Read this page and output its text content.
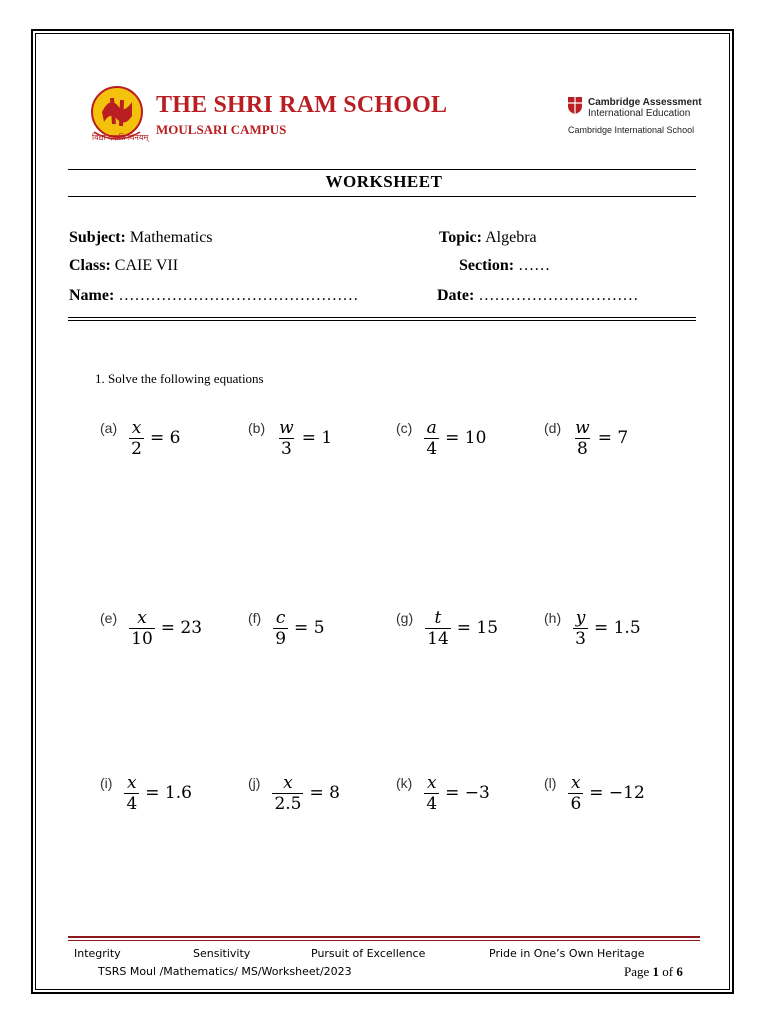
विद्या ददाति विनयम्
THE SHRI RAM SCHOOL
MOULSARI CAMPUS
Cambridge Assessment
International Education
Cambridge International School
WORKSHEET
Subject: Mathematics	Topic: Algebra
Class: CAIE VII	Section: ……
Name: ………………………………………	Date: …………………………
1. Solve the following equations
$(a) \frac{x}{2} = 6$	$(b) \frac{w}{3} = 1$	$(c) \frac{a}{4} = 10$	$(d) \frac{w}{8} = 7$
$(e) \frac{x}{10} = 23$	$(f) \frac{c}{9} = 5$	$(g) \frac{t}{14} = 15$	$(h) \frac{y}{3} = 1.5$
$(i) \frac{x}{4} = 1.6$	$(j) \frac{x}{2.5} = 8$	$(k) \frac{x}{4} = -3$	$(l) \frac{x}{6} = -12$
Integrity	Sensitivity	Pursuit of Excellence	Pride in One’s Own Heritage
TSRS Moul /Mathematics/ MS/Worksheet/2023	Page 1 of 6
